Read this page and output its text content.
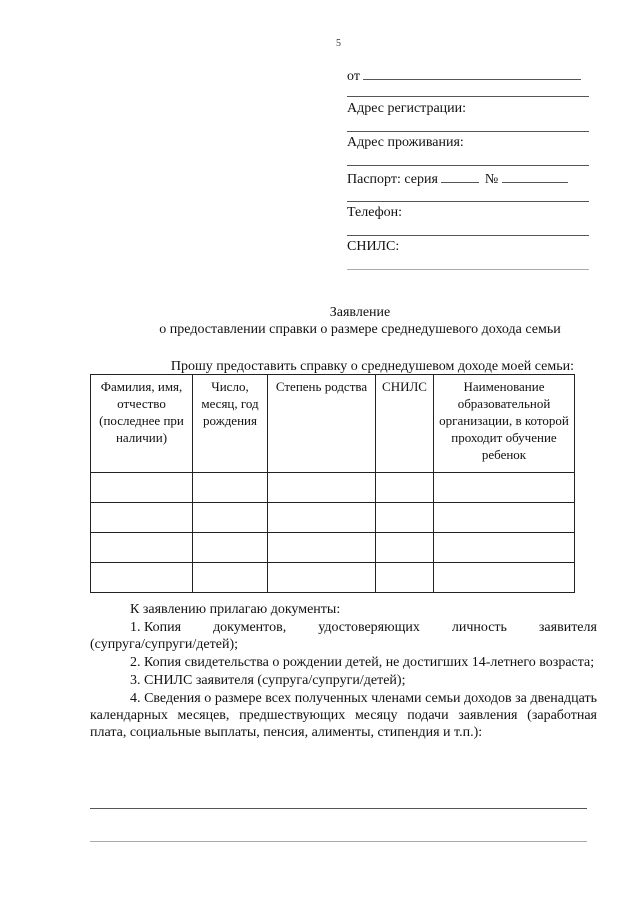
5
от
Адрес регистрации:
Адрес проживания:
Паспорт: серия	№
Телефон:
СНИЛС:
Заявление
о предоставлении справки о размере среднедушевого дохода семьи
Прошу предоставить справку о среднедушевом доходе моей семьи:
Фамилия, имя, отчество (последнее при наличии)	Число, месяц, год рождения	Степень родства	СНИЛС	Наименование образовательной организации, в которой проходит обучение ребенок

К заявлению прилагаю документы:

1. Копия документов, удостоверяющих личность заявителя

(супруга/супруги/детей);

2. Копия свидетельства о рождении детей, не достигших 14-летнего возраста;

3. СНИЛС заявителя (супруга/супруги/детей);

4. Сведения о размере всех полученных членами семьи доходов за двенадцать календарных месяцев, предшествующих месяцу подачи заявления (заработная плата, социальные выплаты, пенсия, алименты, стипендия и т.п.):
